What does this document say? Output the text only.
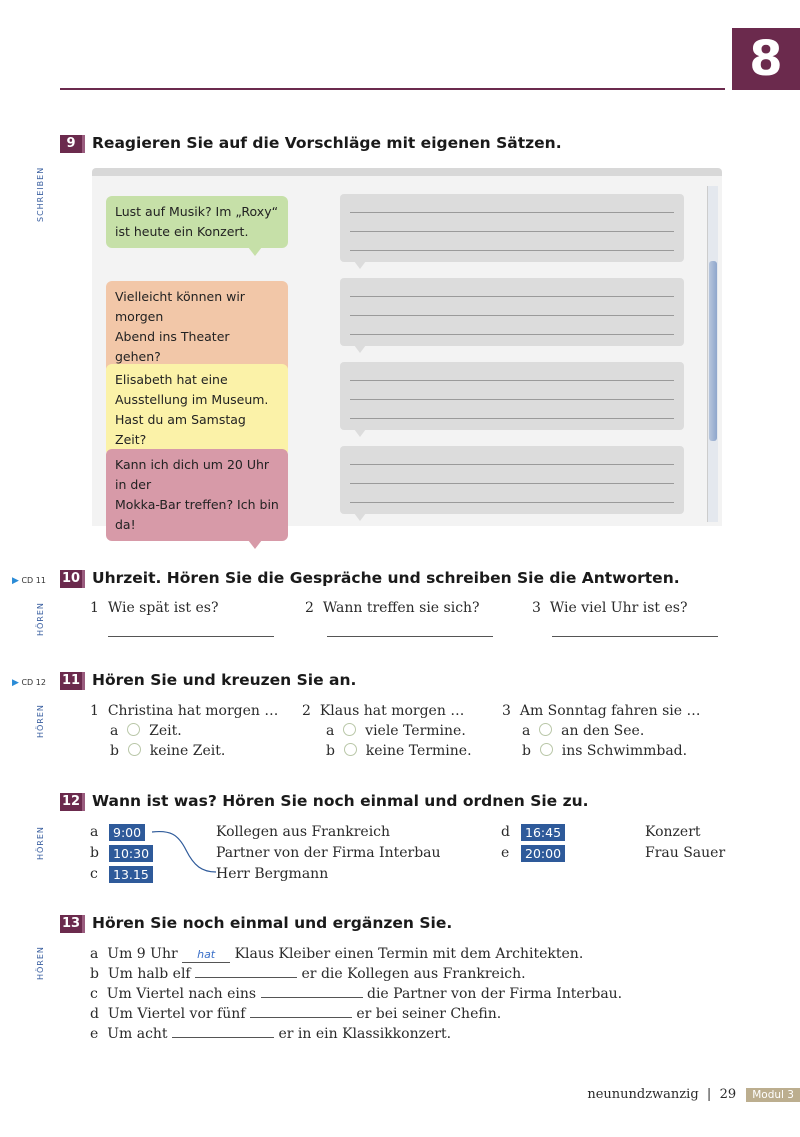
8
9	Reagieren Sie auf die Vorschläge mit eigenen Sätzen.
SCHREIBEN	Lust auf Musik? Im „Roxy“
ist heute ein Konzert.
Vielleicht können wir morgen
Abend ins Theater gehen?
Elisabeth hat eine
Ausstellung im Museum.
Hast du am Samstag Zeit?
Kann ich dich um 20 Uhr in der
Mokka-Bar treffen? Ich bin da!
▶ CD 11 10 Uhrzeit. Hören Sie die Gespräche und schreiben Sie die Antworten.
HÖREN	1 Wie spät ist es?	2 Wann treffen sie sich?	3 Wie viel Uhr ist es?
▶ CD 12 11 Hören Sie und kreuzen Sie an.
HÖREN	1 Christina hat morgen …
a    Zeit.
b    keine Zeit.
2 Klaus hat morgen …
a    viele Termine.
b    keine Termine.
3 Am Sonntag fahren sie …
a    an den See.
b    ins Schwimmbad.
12 Wann ist was? Hören Sie noch einmal und ordnen Sie zu.
HÖREN	a	9:00
b	10:30
c	13.15
Kollegen aus Frankreich
Partner von der Firma Interbau
Herr Bergmann
d	16:45
e	20:00
Konzert
Frau Sauer
13 Hören Sie noch einmal und ergänzen Sie.
HÖREN	a Um 9 Uhr hat Klaus Kleiber einen Termin mit dem Architekten.
b Um halb elf	er die Kollegen aus Frankreich.
c Um Viertel nach eins	die Partner von der Firma Interbau.
d Um Viertel vor fünf	er bei seiner Chefin.
e Um acht	er in ein Klassikkonzert.
neunundzwanzig | 29 Modul 3
